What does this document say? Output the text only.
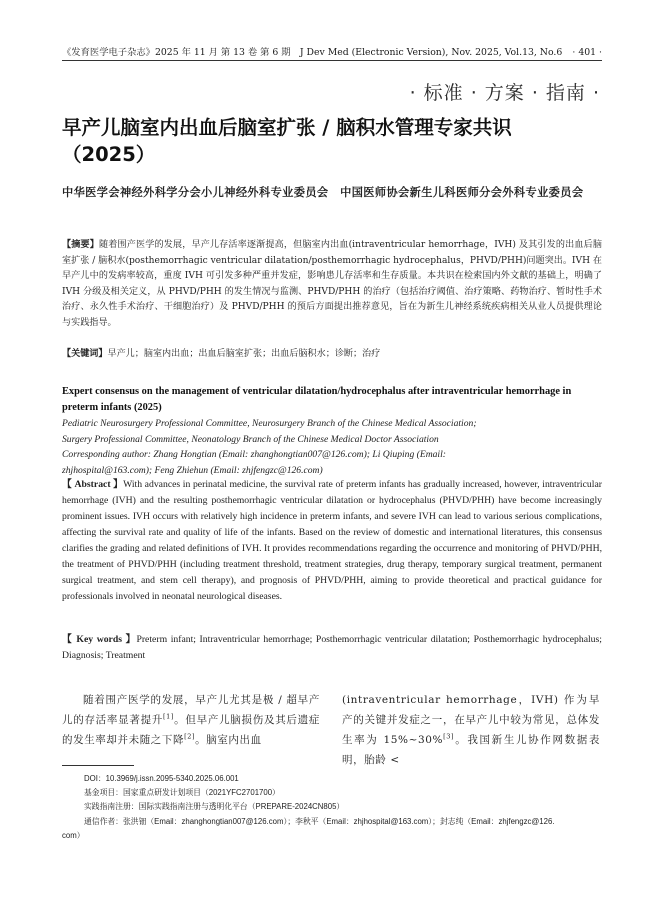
《发育医学电子杂志》2025 年 11 月 第 13 卷 第 6 期　J Dev Med (Electronic Version), Nov. 2025, Vol.13, No.6 · 401 ·
· 标准 · 方案 · 指南 ·
早产儿脑室内出血后脑室扩张 / 脑积水管理专家共识（2025）
中华医学会神经外科学分会小儿神经外科专业委员会　中国医师协会新生儿科医师分会外科专业委员会
【摘要】随着围产医学的发展，早产儿存活率逐渐提高，但脑室内出血(intraventricular hemorrhage，IVH) 及其引发的出血后脑室扩张 / 脑积水(posthemorrhagic ventricular dilatation/posthemorrhagic hydrocephalus，PHVD/PHH)问题突出。IVH 在早产儿中的发病率较高，重度 IVH 可引发多种严重并发症，影响患儿存活率和生存质量。本共识在检索国内外文献的基础上，明确了 IVH 分级及相关定义，从 PHVD/PHH 的发生情况与监测、PHVD/PHH 的治疗（包括治疗阈值、治疗策略、药物治疗、暂时性手术治疗、永久性手术治疗、干细胞治疗）及 PHVD/PHH 的预后方面提出推荐意见，旨在为新生儿神经系统疾病相关从业人员提供理论与实践指导。
【关键词】早产儿；脑室内出血；出血后脑室扩张；出血后脑积水；诊断；治疗
Expert consensus on the management of ventricular dilatation/hydrocephalus after intraventricular hemorrhage in preterm infants (2025)
Pediatric Neurosurgery Professional Committee, Neurosurgery Branch of the Chinese Medical Association;
Surgery Professional Committee, Neonatology Branch of the Chinese Medical Doctor Association
Corresponding author: Zhang Hongtian (Email: zhanghongtian007@126.com); Li Qiuping (Email:
zhjhospital@163.com); Feng Zhiehun (Email: zhjfengzc@126.com)
【 Abstract 】With advances in perinatal medicine, the survival rate of preterm infants has gradually increased, however, intraventricular hemorrhage (IVH) and the resulting posthemorrhagic ventricular dilatation or hydrocephalus (PHVD/PHH) have become increasingly prominent issues. IVH occurs with relatively high incidence in preterm infants, and severe IVH can lead to various serious complications, affecting the survival rate and quality of life of the infants. Based on the review of domestic and international literatures, this consensus clarifies the grading and related definitions of IVH. It provides recommendations regarding the occurrence and monitoring of PHVD/PHH, the treatment of PHVD/PHH (including treatment threshold, treatment strategies, drug therapy, temporary surgical treatment, permanent surgical treatment, and stem cell therapy), and prognosis of PHVD/PHH, aiming to provide theoretical and practical guidance for professionals involved in neonatal neurological diseases.
【 Key words 】Preterm infant; Intraventricular hemorrhage; Posthemorrhagic ventricular dilatation; Posthemorrhagic hydrocephalus; Diagnosis; Treatment
随着围产医学的发展，早产儿尤其是极 / 超早产儿的存活率显著提升[1]。但早产儿脑损伤及其后遗症的发生率却并未随之下降[2]。脑室内出血
(intraventricular hemorrhage，IVH) 作为早产的关键并发症之一，在早产儿中较为常见，总体发生率为 15%~30%[3]。我国新生儿协作网数据表明，胎龄 <
DOI：10.3969/j.issn.2095-5340.2025.06.001
基金项目：国家重点研发计划项目（2021YFC2701700）
实践指南注册：国际实践指南注册与透明化平台（PREPARE-2024CN805）
通信作者：张洪钿（Email：zhanghongtian007@126.com）；李秋平（Email：zhjhospital@163.com）；封志纯（Email：zhjfengzc@126.
com）
